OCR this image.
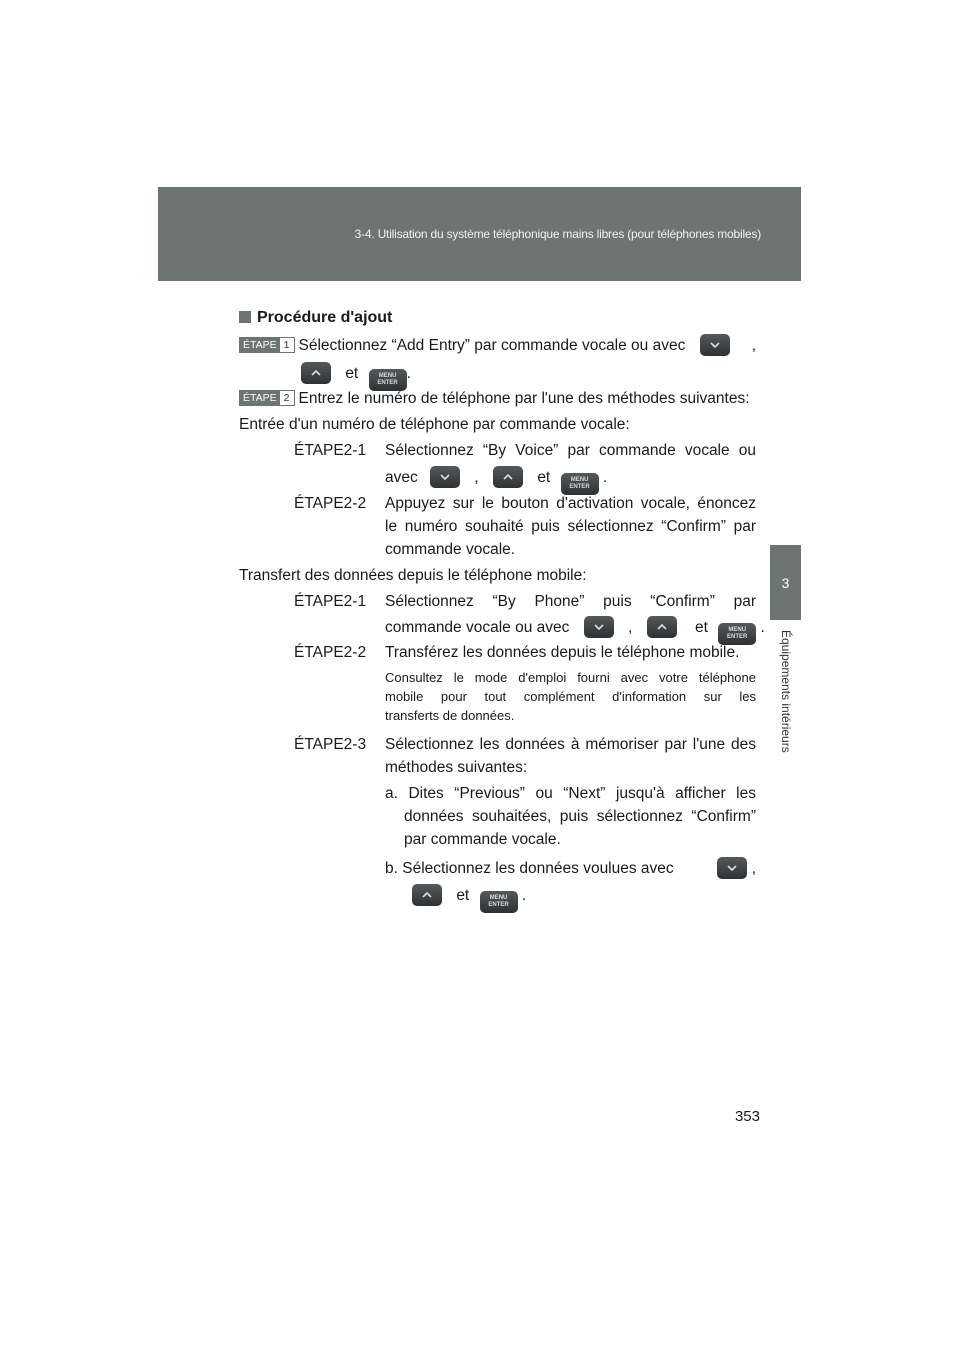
3-4. Utilisation du système téléphonique mains libres (pour téléphones mobiles)
3
Équipements intérieurs
Procédure d'ajout
ÉTAPE 1 Sélectionnez “Add Entry” par commande vocale ou avec	,
et	MENU
ENTER.
ÉTAPE 2 Entrez le numéro de téléphone par l'une des méthodes suivantes:
Entrée d'un numéro de téléphone par commande vocale:
ÉTAPE2-1 Sélectionnez “By Voice” par commande vocale ou
avec	,	et	MENU
ENTER .
ÉTAPE2-2 Appuyez sur le bouton d'activation vocale, énoncez
le numéro souhaité puis sélectionnez “Confirm” par
commande vocale.
Transfert des données depuis le téléphone mobile:
ÉTAPE2-1 Sélectionnez “By Phone” puis “Confirm” par
commande vocale ou avec	,	et	MENU
ENTER .
ÉTAPE2-2 Transférez les données depuis le téléphone mobile.
Consultez le mode d'emploi fourni avec votre téléphone
mobile pour tout complément d'information sur les
transferts de données.
ÉTAPE2-3 Sélectionnez les données à mémoriser par l'une des
méthodes suivantes:
a. Dites “Previous” ou “Next” jusqu'à afficher les
données souhaitées, puis sélectionnez “Confirm”
par commande vocale.
b. Sélectionnez les données voulues avec	,
et	MENU
ENTER .
353
